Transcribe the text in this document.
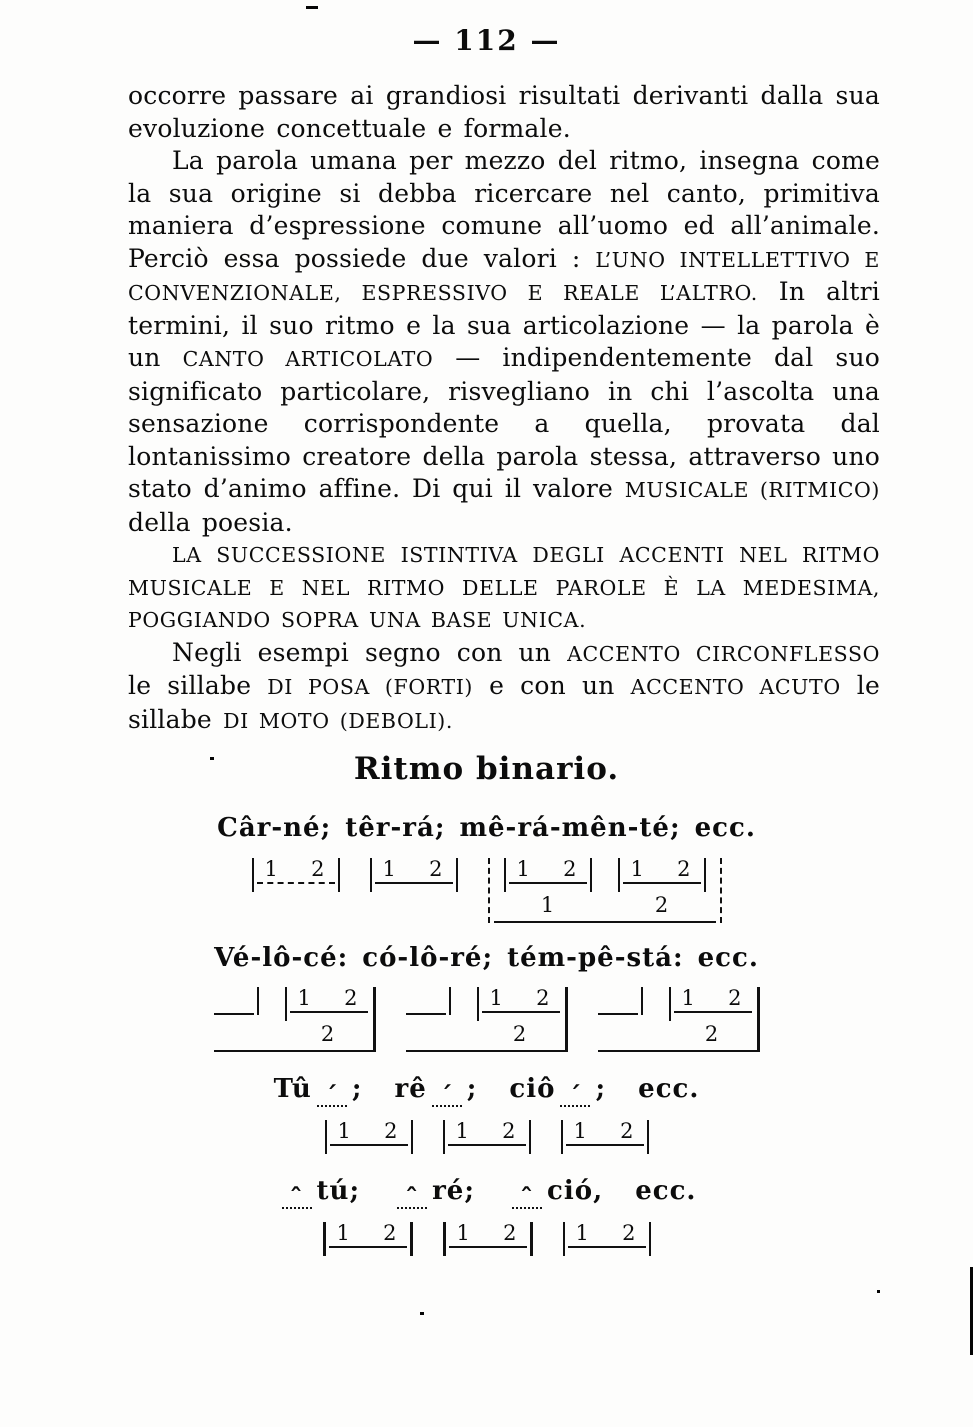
— 112 —

occorre passare ai grandiosi risultati derivanti dalla sua evoluzione concettuale e formale.

La parola umana per mezzo del ritmo, insegna come la sua origine si debba ricercare nel canto, primitiva maniera d’espressione comune all’uomo ed all’animale. Perciò essa possiede due valori : L’UNO INTELLETTIVO E CONVENZIONALE, ESPRESSIVO E REALE L’ALTRO. In altri termini, il suo ritmo e la sua articolazione — la parola è un CANTO ARTICOLATO — indipendentemente dal suo significato particolare, risvegliano in chi l’ascolta una sensazione corrispondente a quella, provata dal lontanissimo creatore della parola stessa, attraverso uno stato d’animo affine. Di qui il valore MUSICALE (RITMICO) della poesia.

LA SUCCESSIONE ISTINTIVA DEGLI ACCENTI NEL RITMO MUSICALE E NEL RITMO DELLE PAROLE È LA MEDESIMA, POGGIANDO SOPRA UNA BASE UNICA.

Negli esempi segno con un ACCENTO CIRCONFLESSO le sillabe DI POSA (FORTI) e con un ACCENTO ACUTO le sillabe DI MOTO (DEBOLI).

Ritmo binario.
Câr-né; têr-rá; mê-rá-mên-té; ecc.
1 2	1 2	1 2
1
1 2
2
Vé-lô-cé: có-lô-ré; tém-pê-stá: ecc.
1 2
2
1 2
2
1 2
2
Tû ´ ; rê ´ ; ciô ´ ; ecc.
1 2	1 2	1 2
ˆ tú; ˆ ré; ˆ ció, ecc.
1 2	1 2	1 2
